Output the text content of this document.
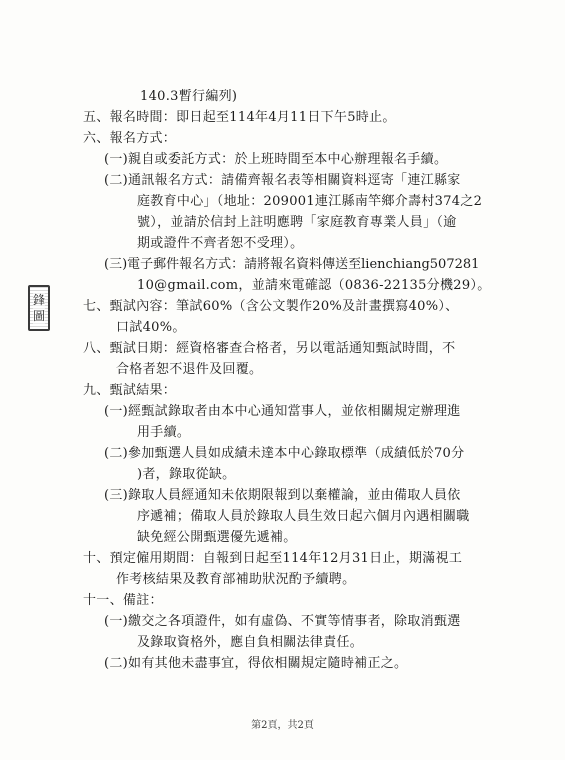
140.3暫行編列)
五、報名時間：即日起至114年4月11日下午5時止。
六、報名方式：
(一)親自或委託方式：於上班時間至本中心辦理報名手續。
(二)通訊報名方式：請備齊報名表等相關資料逕寄「連江縣家
庭教育中心」（地址：209001連江縣南竿鄉介壽村374之2
號），並請於信封上註明應聘「家庭教育專業人員」（逾
期或證件不齊者恕不受理）。
(三)電子郵件報名方式：請將報名資料傳送至lienchiang507281
10@gmail.com，並請來電確認（0836-22135分機29）。
七、甄試內容：筆試60%（含公文製作20%及計畫撰寫40%）、
口試40%。
八、甄試日期：經資格審查合格者，另以電話通知甄試時間，不
合格者恕不退件及回覆。
九、甄試結果：
(一)經甄試錄取者由本中心通知當事人，並依相關規定辦理進
用手續。
(二)參加甄選人員如成績未達本中心錄取標準（成績低於70分
)者，錄取從缺。
(三)錄取人員經通知未依期限報到以棄權論，並由備取人員依
序遞補；備取人員於錄取人員生效日起六個月內遇相關職
缺免經公開甄選優先遞補。
十、預定僱用期間：自報到日起至114年12月31日止，期滿視工
作考核結果及教育部補助狀況酌予續聘。
十一、備註：
(一)繳交之各項證件，如有虛偽、不實等情事者，除取消甄選
及錄取資格外，應自負相關法律責任。
(二)如有其他未盡事宜，得依相關規定隨時補正之。
鋒
圖
第2頁，共2頁
